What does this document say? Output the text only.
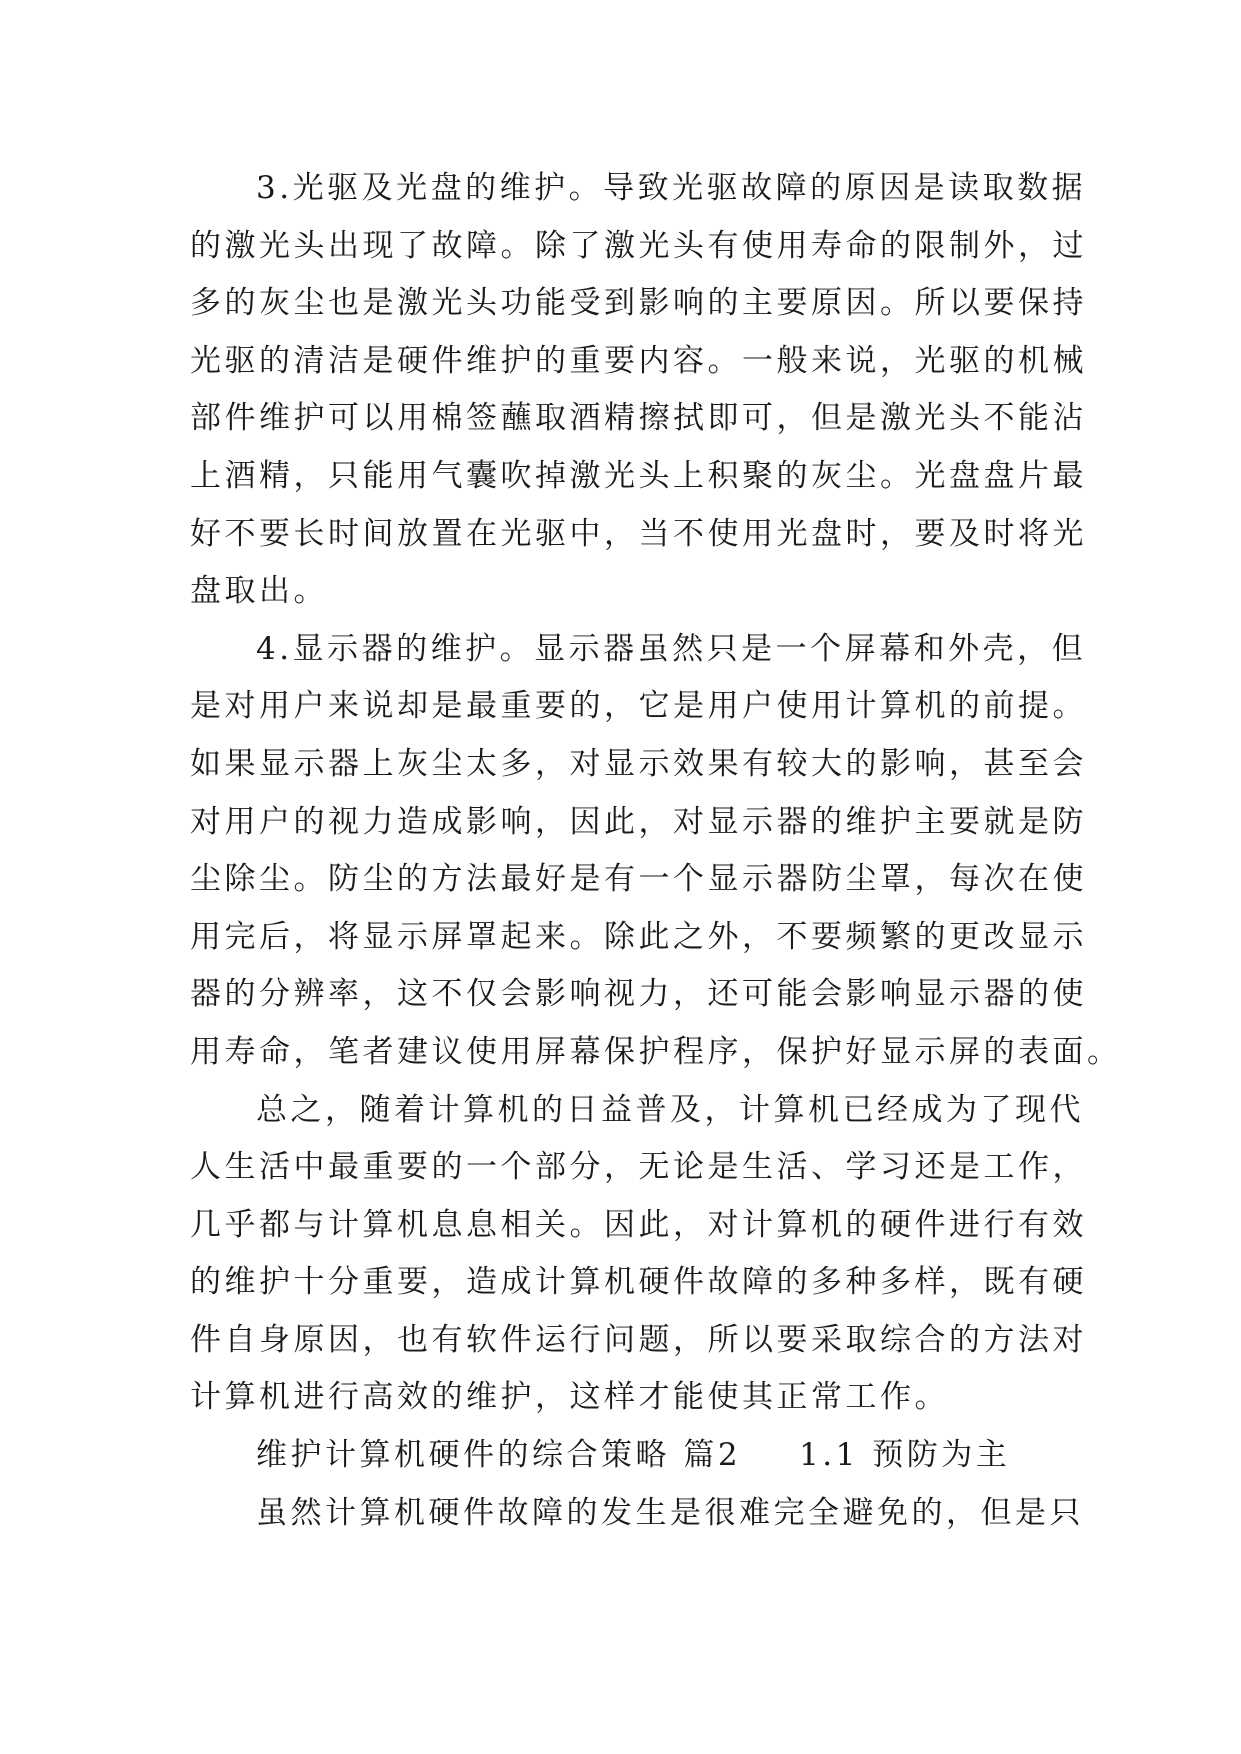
3.光驱及光盘的维护。导致光驱故障的原因是读取数据
的激光头出现了故障。除了激光头有使用寿命的限制外，过
多的灰尘也是激光头功能受到影响的主要原因。所以要保持
光驱的清洁是硬件维护的重要内容。一般来说，光驱的机械
部件维护可以用棉签蘸取酒精擦拭即可，但是激光头不能沾
上酒精，只能用气囊吹掉激光头上积聚的灰尘。光盘盘片最
好不要长时间放置在光驱中，当不使用光盘时，要及时将光
盘取出。
4.显示器的维护。显示器虽然只是一个屏幕和外壳，但
是对用户来说却是最重要的，它是用户使用计算机的前提。
如果显示器上灰尘太多，对显示效果有较大的影响，甚至会
对用户的视力造成影响，因此，对显示器的维护主要就是防
尘除尘。防尘的方法最好是有一个显示器防尘罩，每次在使
用完后，将显示屏罩起来。除此之外，不要频繁的更改显示
器的分辨率，这不仅会影响视力，还可能会影响显示器的使
用寿命，笔者建议使用屏幕保护程序，保护好显示屏的表面。
总之，随着计算机的日益普及，计算机已经成为了现代
人生活中最重要的一个部分，无论是生活、学习还是工作，
几乎都与计算机息息相关。因此，对计算机的硬件进行有效
的维护十分重要，造成计算机硬件故障的多种多样，既有硬
件自身原因，也有软件运行问题，所以要采取综合的方法对
计算机进行高效的维护，这样才能使其正常工作。
维护计算机硬件的综合策略 篇2 1.1 预防为主
虽然计算机硬件故障的发生是很难完全避免的，但是只
